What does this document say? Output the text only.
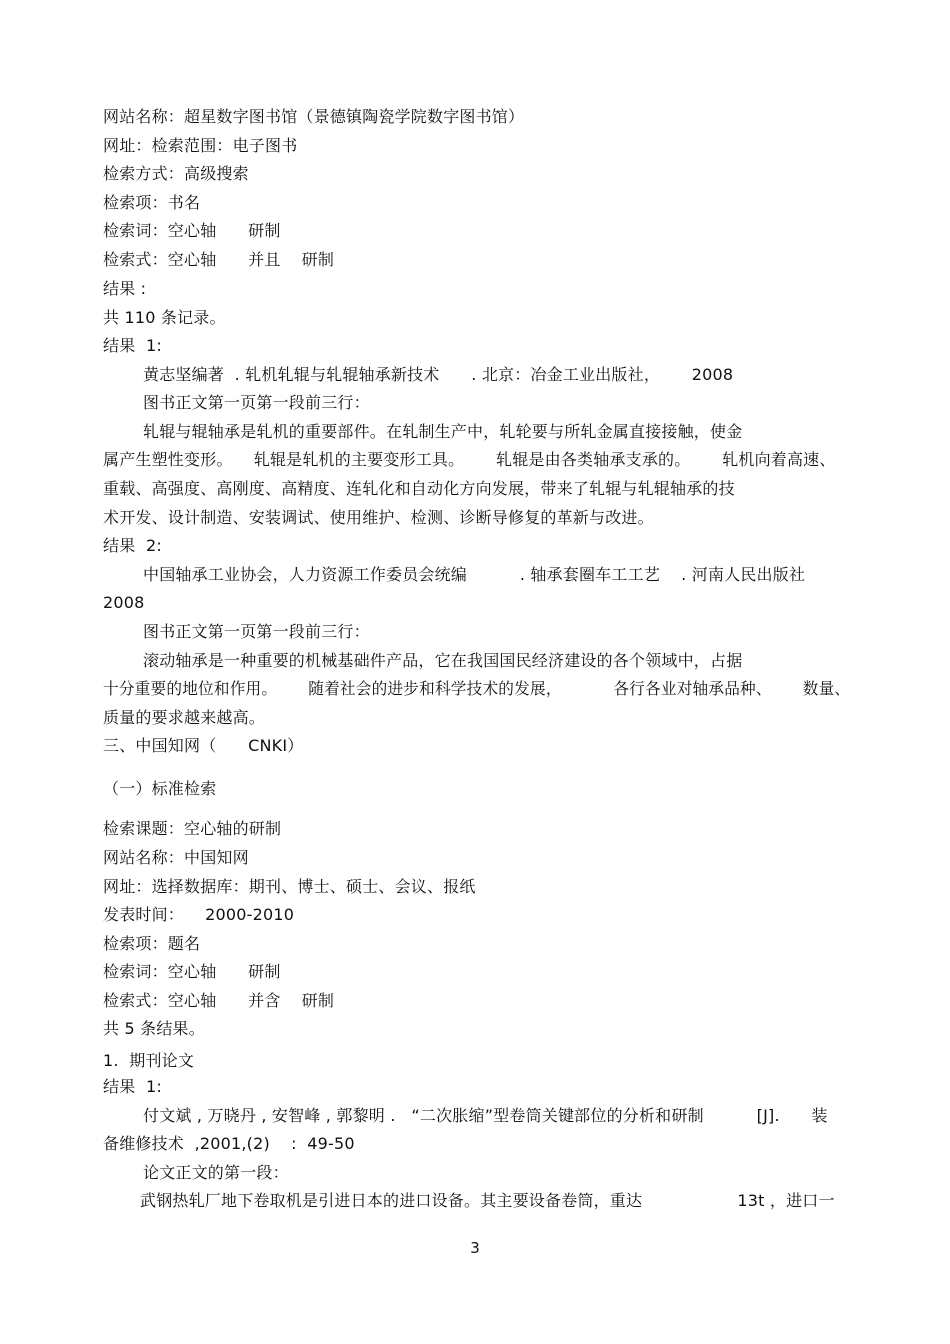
网站名称：超星数字图书馆（景德镇陶瓷学院数字图书馆）
网址：检索范围：电子图书
检索方式：高级搜索
检索项：书名
检索词：空心轴      研制
检索式：空心轴      并且    研制
结果 :
共 110 条记录。
结果  1:
黄志坚编著  . 轧机轧辊与轧辊轴承新技术      . 北京：冶金工业出版社，      2008
图书正文第一页第一段前三行：
轧辊与辊轴承是轧机的重要部件。在轧制生产中，轧轮要与所轧金属直接接触，使金
属产生塑性变形。    轧辊是轧机的主要变形工具。      轧辊是由各类轴承支承的。      轧机向着高速、
重载、高强度、高刚度、高精度、连轧化和自动化方向发展，带来了轧辊与轧辊轴承的技
术开发、设计制造、安装调试、使用维护、检测、诊断导修复的革新与改进。
结果  2:
中国轴承工业协会，人力资源工作委员会统编          . 轴承套圈车工工艺    . 河南人民出版社
2008
图书正文第一页第一段前三行：
滚动轴承是一种重要的机械基础件产品，它在我国国民经济建设的各个领域中，占据
十分重要的地位和作用。      随着社会的进步和科学技术的发展，          各行各业对轴承品种、      数量、
质量的要求越来越高。
三、中国知网（      CNKI）
（一）标准检索
检索课题：空心轴的研制
网站名称：中国知网
网址：选择数据库：期刊、博士、硕士、会议、报纸
发表时间：    2000-2010
检索项：题名
检索词：空心轴      研制
检索式：空心轴      并含    研制
共 5 条结果。
1.  期刊论文
结果  1:
付文斌 , 万晓丹 , 安智峰 , 郭黎明 .   “二次胀缩”型卷筒关键部位的分析和研制          [J].      装
备维修技术  ,2001,(2)    :  49-50
论文正文的第一段：
武钢热轧厂地下卷取机是引进日本的进口设备。其主要设备卷筒，重达                  13t ，进口一
3
